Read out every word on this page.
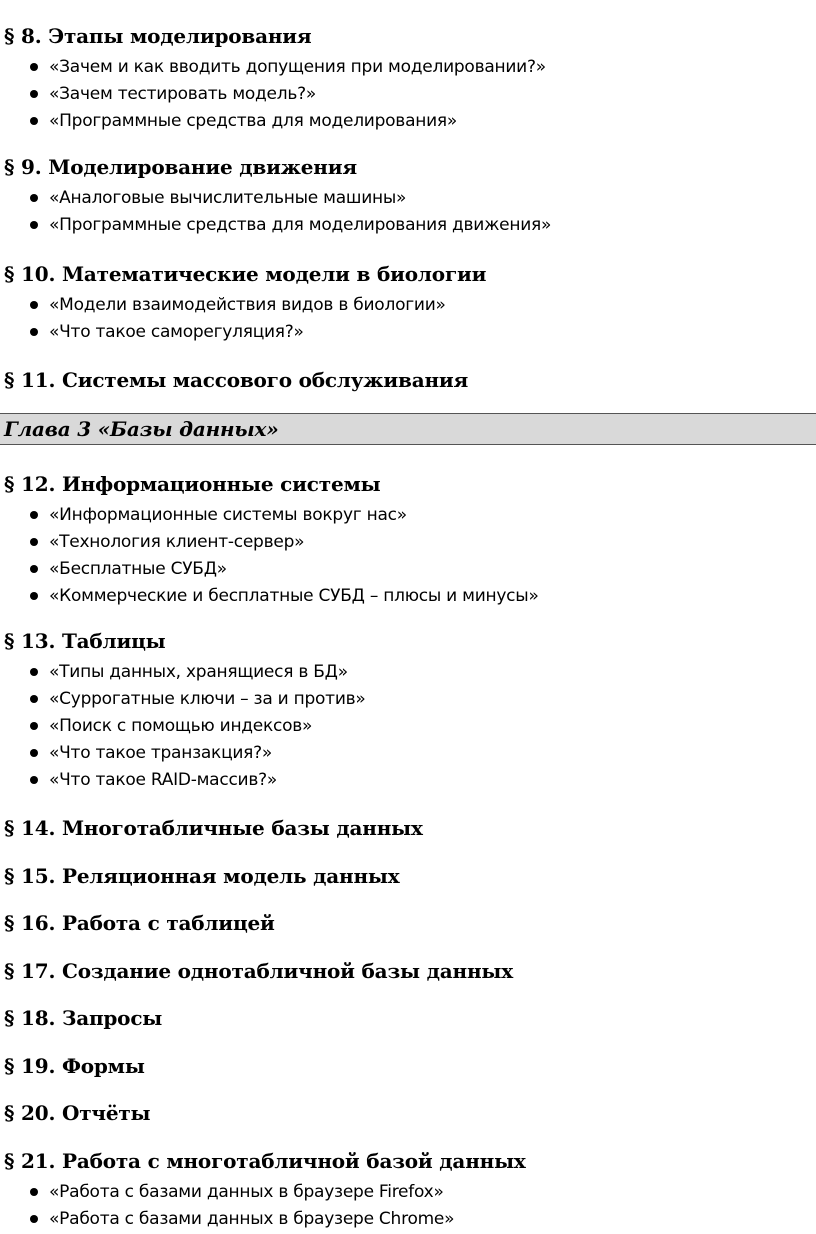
§ 8. Этапы моделирования
«Зачем и как вводить допущения при моделировании?»
«Зачем тестировать модель?»
«Программные средства для моделирования»
§ 9. Моделирование движения
«Аналоговые вычислительные машины»
«Программные средства для моделирования движения»
§ 10. Математические модели в биологии
«Модели взаимодействия видов в биологии»
«Что такое саморегуляция?»
§ 11. Системы массового обслуживания
Глава 3 «Базы данных»
§ 12. Информационные системы
«Информационные системы вокруг нас»
«Технология клиент-сервер»
«Бесплатные СУБД»
«Коммерческие и бесплатные СУБД – плюсы и минусы»
§ 13. Таблицы
«Типы данных, хранящиеся в БД»
«Суррогатные ключи – за и против»
«Поиск с помощью индексов»
«Что такое транзакция?»
«Что такое RAID-массив?»
§ 14. Многотабличные базы данных
§ 15. Реляционная модель данных
§ 16. Работа с таблицей
§ 17. Создание однотабличной базы данных
§ 18. Запросы
§ 19. Формы
§ 20. Отчёты
§ 21. Работа с многотабличной базой данных
«Работа с базами данных в браузере Firefox»
«Работа с базами данных в браузере Chrome»
